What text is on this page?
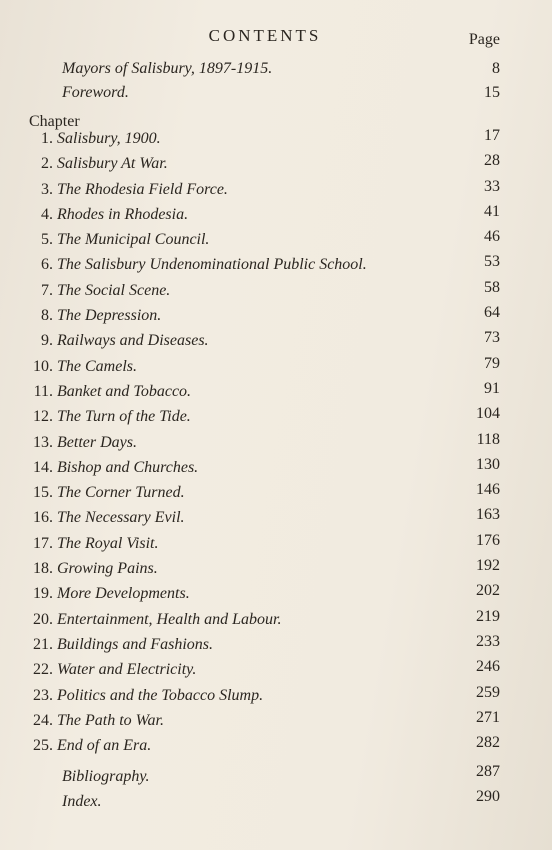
CONTENTS	Page
Mayors of Salisbury, 1897-1915.	8
Foreword.	15
Chapter
1. Salisbury, 1900.	17
2. Salisbury At War.	28
3. The Rhodesia Field Force.	33
4. Rhodes in Rhodesia.	41
5. The Municipal Council.	46
6. The Salisbury Undenominational Public School.	53
7. The Social Scene.	58
8. The Depression.	64
9. Railways and Diseases.	73
10. The Camels.	79
11. Banket and Tobacco.	91
12. The Turn of the Tide.	104
13. Better Days.	118
14. Bishop and Churches.	130
15. The Corner Turned.	146
16. The Necessary Evil.	163
17. The Royal Visit.	176
18. Growing Pains.	192
19. More Developments.	202
20. Entertainment, Health and Labour.	219
21. Buildings and Fashions.	233
22. Water and Electricity.	246
23. Politics and the Tobacco Slump.	259
24. The Path to War.	271
25. End of an Era.	282
Bibliography.	287
Index.	290
